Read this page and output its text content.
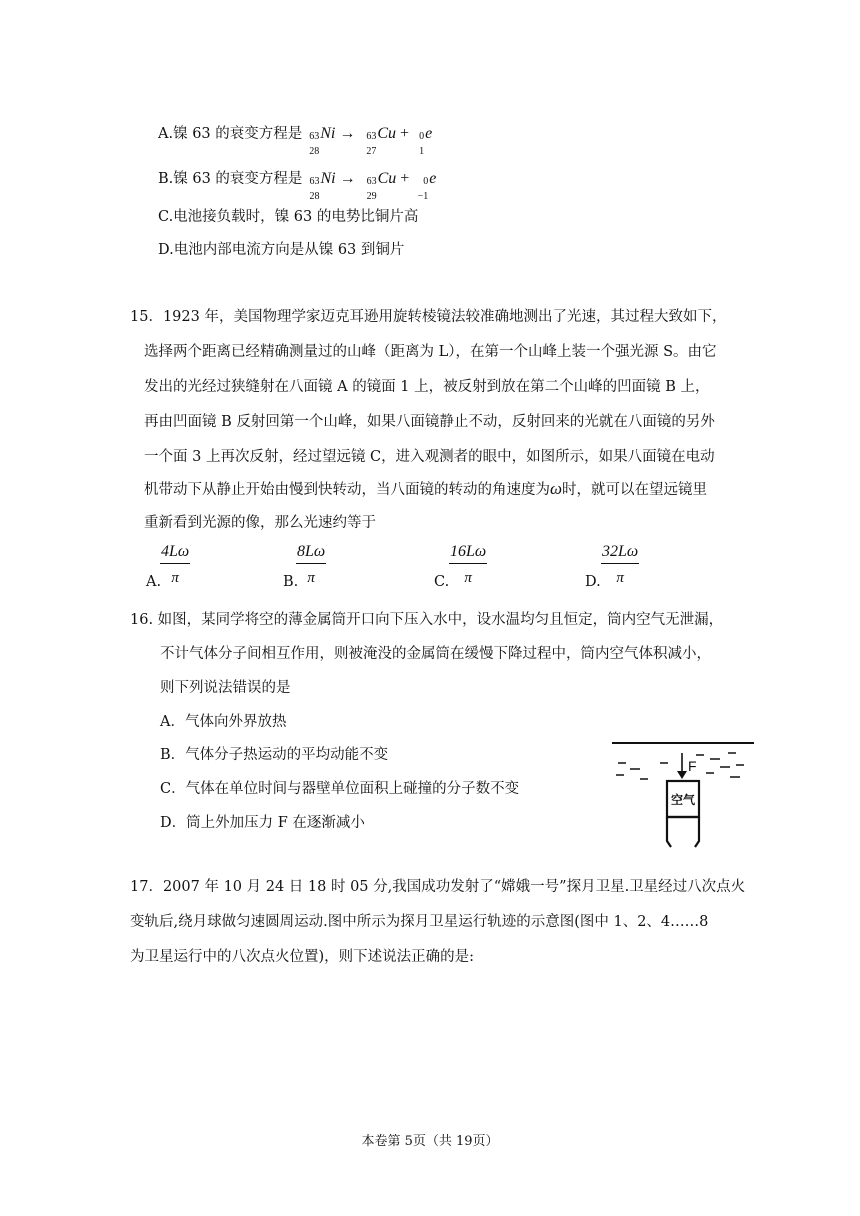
A.镍 63 的衰变方程是 63
28
Ni → 63
27
Cu + 0
1
e
B.镍 63 的衰变方程是 63
28
Ni → 63
29
Cu + 0
−1
e
C.电池接负载时，镍 63 的电势比铜片高
D.电池内部电流方向是从镍 63 到铜片
15．1923 年，美国物理学家迈克耳逊用旋转棱镜法较准确地测出了光速，其过程大致如下，
选择两个距离已经精确测量过的山峰（距离为 L），在第一个山峰上装一个强光源 S。由它
发出的光经过狭缝射在八面镜 A 的镜面 1 上，被反射到放在第二个山峰的凹面镜 B 上，
再由凹面镜 B 反射回第一个山峰，如果八面镜静止不动，反射回来的光就在八面镜的另外
一个面 3 上再次反射，经过望远镜 C，进入观测者的眼中，如图所示，如果八面镜在电动
机带动下从静止开始由慢到快转动，当八面镜的转动的角速度为ω时，就可以在望远镜里
重新看到光源的像，那么光速约等于
A.
$\frac{4L\omega}{\pi}$	B.
$\frac{8L\omega}{\pi}$	C. $\frac{16L\omega}{\pi}$	D. $\frac{32L\omega}{\pi}$
16. 如图，某同学将空的薄金属筒开口向下压入水中，设水温均匀且恒定，筒内空气无泄漏，
不计气体分子间相互作用，则被淹没的金属筒在缓慢下降过程中，筒内空气体积减小，
则下列说法错误的是
A．气体向外界放热
B．气体分子热运动的平均动能不变
C．气体在单位时间与器壁单位面积上碰撞的分子数不变
D．筒上外加压力 F 在逐渐减小
F
空气
17．2007 年 10 月 24 日 18 时 05 分,我国成功发射了“嫦娥一号”探月卫星.卫星经过八次点火
变轨后,绕月球做匀速圆周运动.图中所示为探月卫星运行轨迹的示意图(图中 1、2、4……8
为卫星运行中的八次点火位置)，则下述说法正确的是:
本卷第 5页（共 19页）
